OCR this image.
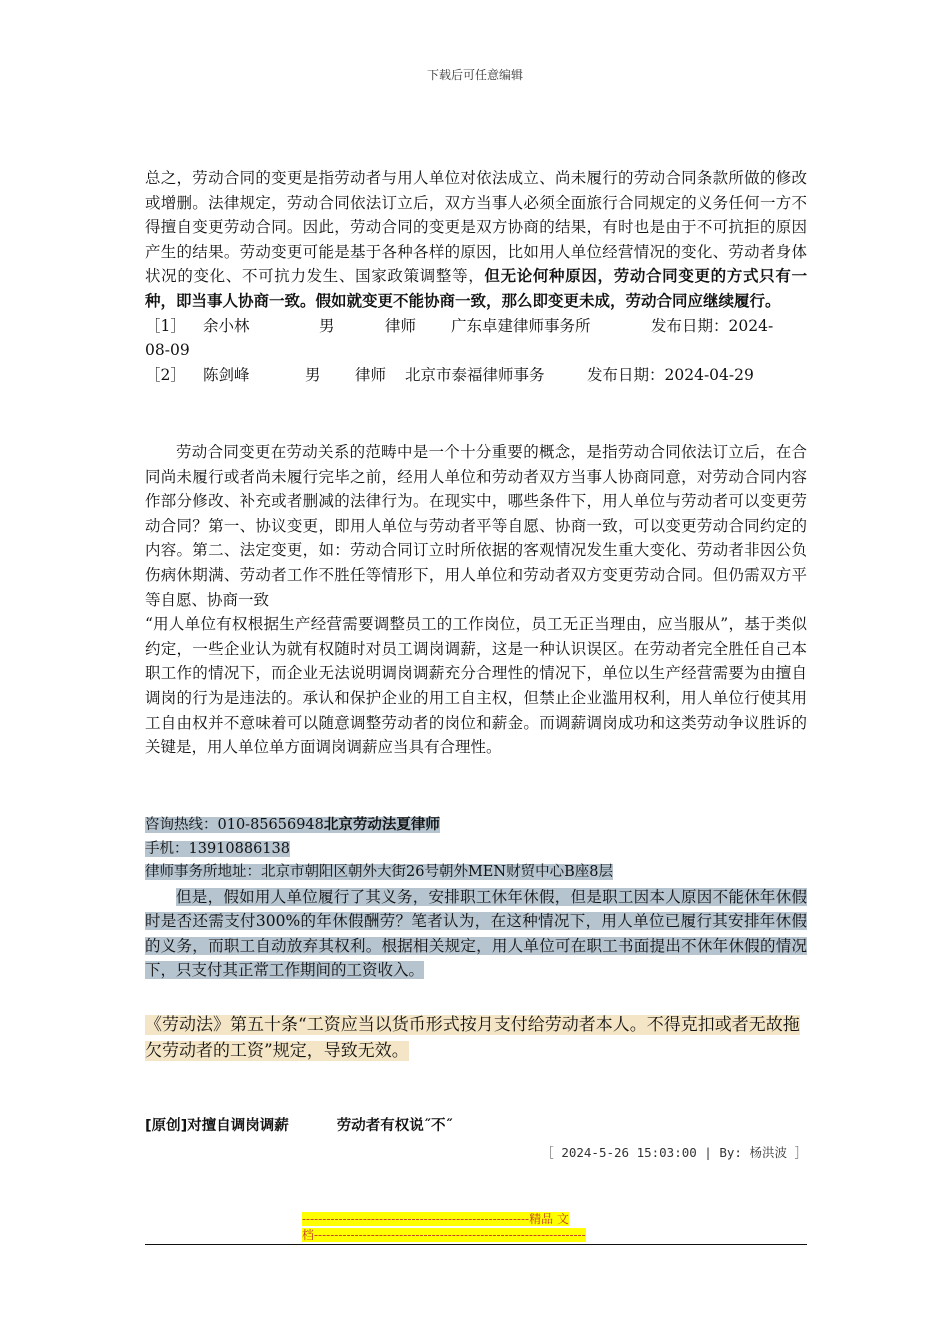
下载后可任意编辑

总之，劳动合同的变更是指劳动者与用人单位对依法成立、尚未履行的劳动合同条款所做的修改或增删。法律规定，劳动合同依法订立后，双方当事人必须全面旅行合同规定的义务任何一方不得擅自变更劳动合同。因此，劳动合同的变更是双方协商的结果，有时也是由于不可抗拒的原因产生的结果。劳动变更可能是基于各种各样的原因，比如用人单位经营情况的变化、劳动者身体状况的变化、不可抗力发生、国家政策调整等，但无论何种原因，劳动合同变更的方式只有一种，即当事人协商一致。假如就变更不能协商一致，那么即变更未成，劳动合同应继续履行。

［1］ 余小林	男	律师 广东卓建律师事务所	发布日期：2024-

08-09

［2］ 陈剑峰	男 律师 北京市泰福律师事务	发布日期：2024-04-29

劳动合同变更在劳动关系的范畴中是一个十分重要的概念，是指劳动合同依法订立后，在合同尚未履行或者尚未履行完毕之前，经用人单位和劳动者双方当事人协商同意，对劳动合同内容作部分修改、补充或者删减的法律行为。在现实中，哪些条件下，用人单位与劳动者可以变更劳动合同？第一、协议变更，即用人单位与劳动者平等自愿、协商一致，可以变更劳动合同约定的内容。第二、法定变更，如：劳动合同订立时所依据的客观情况发生重大变化、劳动者非因公负伤病休期满、劳动者工作不胜任等情形下，用人单位和劳动者双方变更劳动合同。但仍需双方平等自愿、协商一致

“用人单位有权根据生产经营需要调整员工的工作岗位，员工无正当理由，应当服从”，基于类似约定，一些企业认为就有权随时对员工调岗调薪，这是一种认识误区。在劳动者完全胜任自己本职工作的情况下，而企业无法说明调岗调薪充分合理性的情况下，单位以生产经营需要为由擅自调岗的行为是违法的。承认和保护企业的用工自主权，但禁止企业滥用权利，用人单位行使其用工自由权并不意味着可以随意调整劳动者的岗位和薪金。而调薪调岗成功和这类劳动争议胜诉的关键是，用人单位单方面调岗调薪应当具有合理性。

咨询热线：010-85656948北京劳动法夏律师

手机：13910886138

律师事务所地址：北京市朝阳区朝外大街26号朝外MEN财贸中心B座8层

但是，假如用人单位履行了其义务，安排职工休年休假，但是职工因本人原因不能休年休假时是否还需支付300%的年休假酬劳？笔者认为，在这种情况下，用人单位已履行其安排年休假的义务，而职工自动放弃其权利。根据相关规定，用人单位可在职工书面提出不休年休假的情况下，只支付其正常工作期间的工资收入。

《劳动法》第五十条“工资应当以货币形式按月支付给劳动者本人。不得克扣或者无故拖欠劳动者的工资”规定，导致无效。

[原创]对擅自调岗调薪	劳动者有权说˝不˝

［ 2024-5-26 15:03:00 | By: 杨洪波 ］

--------------------------------------------------------精品 文
档-------------------------------------------------------------------
